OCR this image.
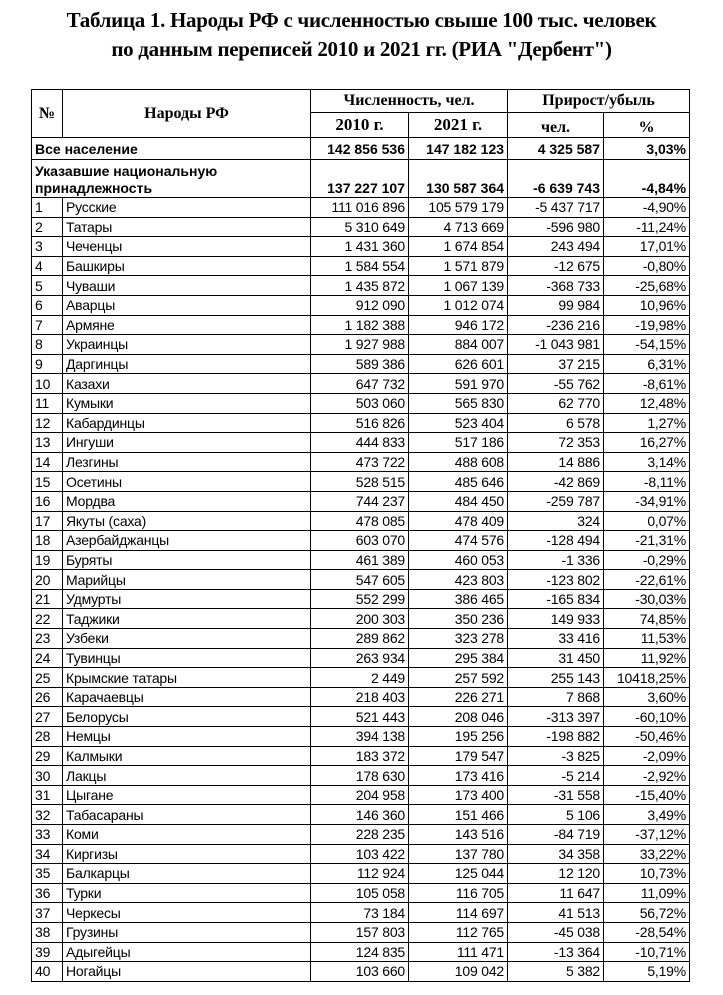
Таблица 1. Народы РФ с численностью свыше 100 тыс. человек
по данным переписей 2010 и 2021 гг. (РИА "Дербент")
№	Народы РФ	Численность, чел.		Прирост/убыль	
		2010 г.	2021 г.	чел.	%
Все население		142 856 536	147 182 123	4 325 587	3,03%
Указавшие национальную принадлежность		137 227 107	130 587 364	-6 639 743	-4,84%
1	Русские	111 016 896	105 579 179	-5 437 717	-4,90%
2	Татары	5 310 649	4 713 669	-596 980	-11,24%
3	Чеченцы	1 431 360	1 674 854	243 494	17,01%
4	Башкиры	1 584 554	1 571 879	-12 675	-0,80%
5	Чуваши	1 435 872	1 067 139	-368 733	-25,68%
6	Аварцы	912 090	1 012 074	99 984	10,96%
7	Армяне	1 182 388	946 172	-236 216	-19,98%
8	Украинцы	1 927 988	884 007	-1 043 981	-54,15%
9	Даргинцы	589 386	626 601	37 215	6,31%
10	Казахи	647 732	591 970	-55 762	-8,61%
11	Кумыки	503 060	565 830	62 770	12,48%
12	Кабардинцы	516 826	523 404	6 578	1,27%
13	Ингуши	444 833	517 186	72 353	16,27%
14	Лезгины	473 722	488 608	14 886	3,14%
15	Осетины	528 515	485 646	-42 869	-8,11%
16	Мордва	744 237	484 450	-259 787	-34,91%
17	Якуты (саха)	478 085	478 409	324	0,07%
18	Азербайджанцы	603 070	474 576	-128 494	-21,31%
19	Буряты	461 389	460 053	-1 336	-0,29%
20	Марийцы	547 605	423 803	-123 802	-22,61%
21	Удмурты	552 299	386 465	-165 834	-30,03%
22	Таджики	200 303	350 236	149 933	74,85%
23	Узбеки	289 862	323 278	33 416	11,53%
24	Тувинцы	263 934	295 384	31 450	11,92%
25	Крымские татары	2 449	257 592	255 143	10418,25%
26	Карачаевцы	218 403	226 271	7 868	3,60%
27	Белорусы	521 443	208 046	-313 397	-60,10%
28	Немцы	394 138	195 256	-198 882	-50,46%
29	Калмыки	183 372	179 547	-3 825	-2,09%
30	Лакцы	178 630	173 416	-5 214	-2,92%
31	Цыгане	204 958	173 400	-31 558	-15,40%
32	Табасараны	146 360	151 466	5 106	3,49%
33	Коми	228 235	143 516	-84 719	-37,12%
34	Киргизы	103 422	137 780	34 358	33,22%
35	Балкарцы	112 924	125 044	12 120	10,73%
36	Турки	105 058	116 705	11 647	11,09%
37	Черкесы	73 184	114 697	41 513	56,72%
38	Грузины	157 803	112 765	-45 038	-28,54%
39	Адыгейцы	124 835	111 471	-13 364	-10,71%
40	Ногайцы	103 660	109 042	5 382	5,19%
